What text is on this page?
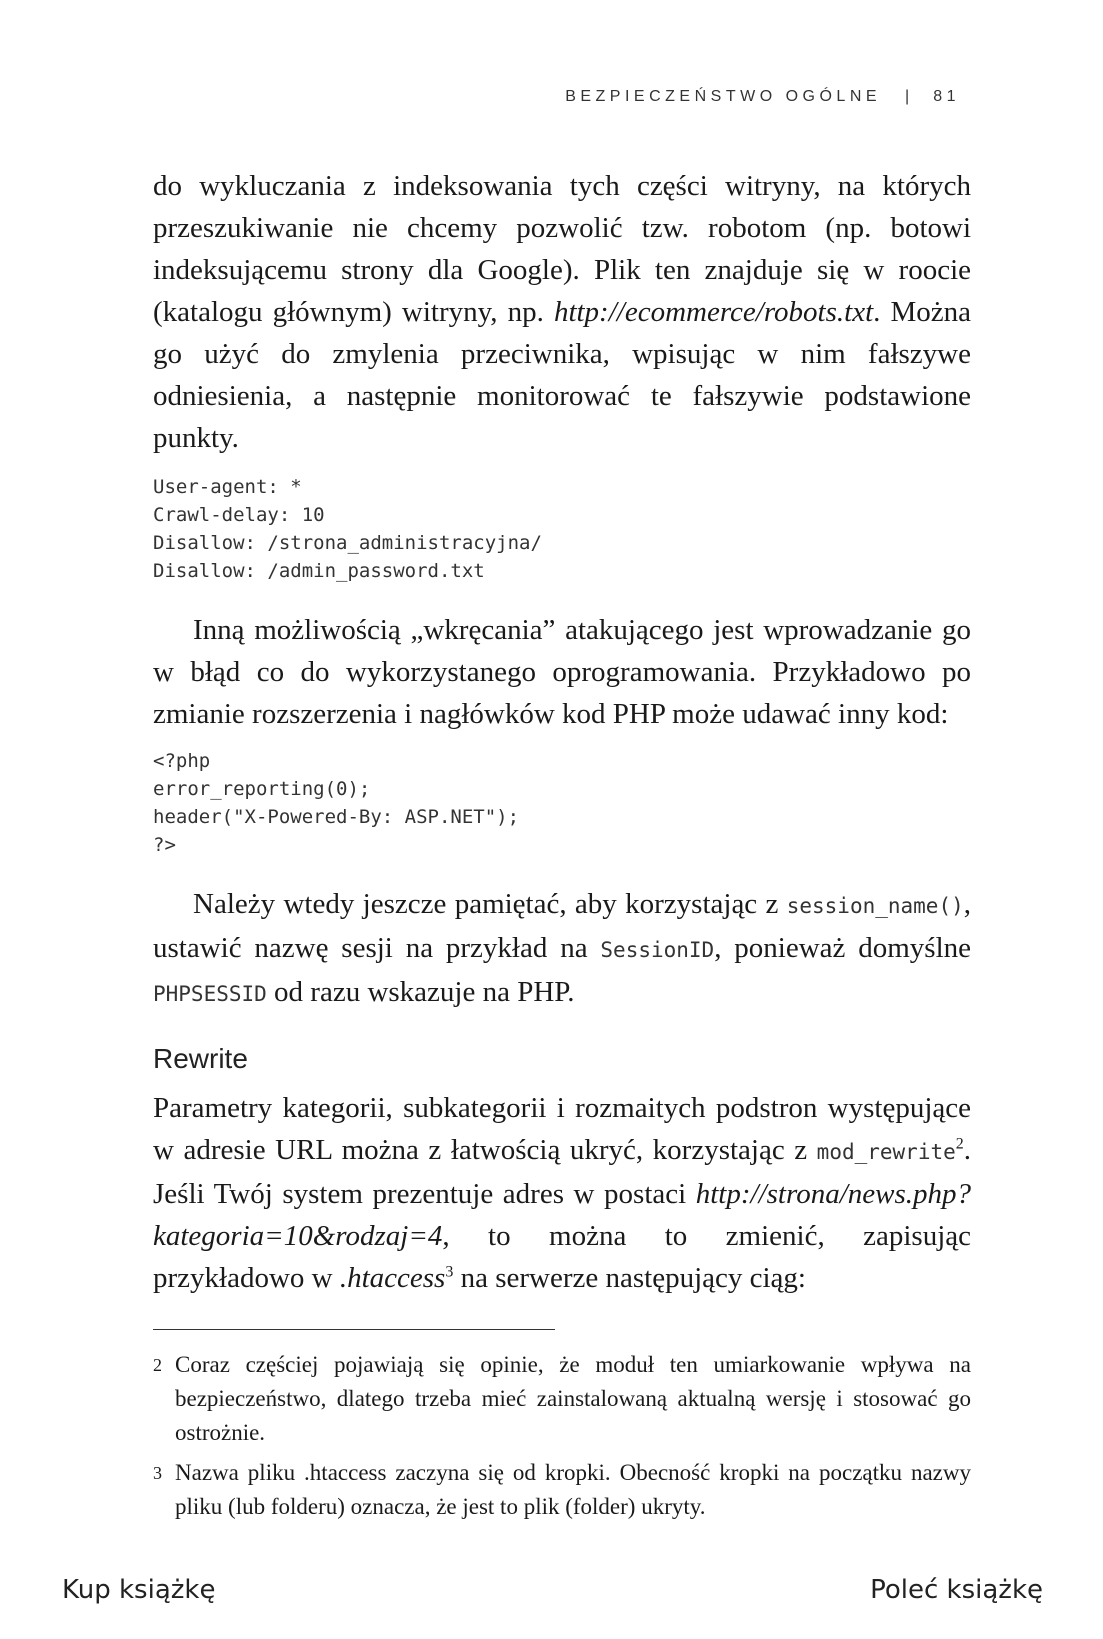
BEZPIECZEŃSTWO OGÓLNE | 81

do wykluczania z indeksowania tych części witryny, na których przeszukiwanie nie chcemy pozwolić tzw. robotom (np. botowi indeksującemu strony dla Google). Plik ten znajduje się w roocie (katalogu głównym) witryny, np. http://ecommerce/robots.txt. Można go użyć do zmylenia przeciwnika, wpisując w nim fałszywe odniesienia, a następnie monitorować te fałszywie podstawione punkty.

User-agent: *
Crawl-delay: 10
Disallow: /strona_administracyjna/
Disallow: /admin_password.txt

Inną możliwością „wkręcania” atakującego jest wprowadzanie go w błąd co do wykorzystanego oprogramowania. Przykładowo po zmianie rozszerzenia i nagłówków kod PHP może udawać inny kod:

<?php
error_reporting(0);
header("X-Powered-By: ASP.NET");
?>

Należy wtedy jeszcze pamiętać, aby korzystając z session_name(), ustawić nazwę sesji na przykład na SessionID, ponieważ domyślne PHPSESSID od razu wskazuje na PHP.

Rewrite

Parametry kategorii, subkategorii i rozmaitych podstron występujące w adresie URL można z łatwością ukryć, korzystając z mod_rewrite$^2$. Jeśli Twój system prezentuje adres w postaci http://strona/news.php?kategoria=10&rodzaj=4, to można to zmienić, zapisując przykładowo w .htaccess$^3$ na serwerze następujący ciąg:

2 Coraz częściej pojawiają się opinie, że moduł ten umiarkowanie wpływa na bezpieczeństwo, dlatego trzeba mieć zainstalowaną aktualną wersję i stosować go ostrożnie.

3 Nazwa pliku .htaccess zaczyna się od kropki. Obecność kropki na początku nazwy pliku (lub folderu) oznacza, że jest to plik (folder) ukryty.

Kup książkę	Poleć książkę
